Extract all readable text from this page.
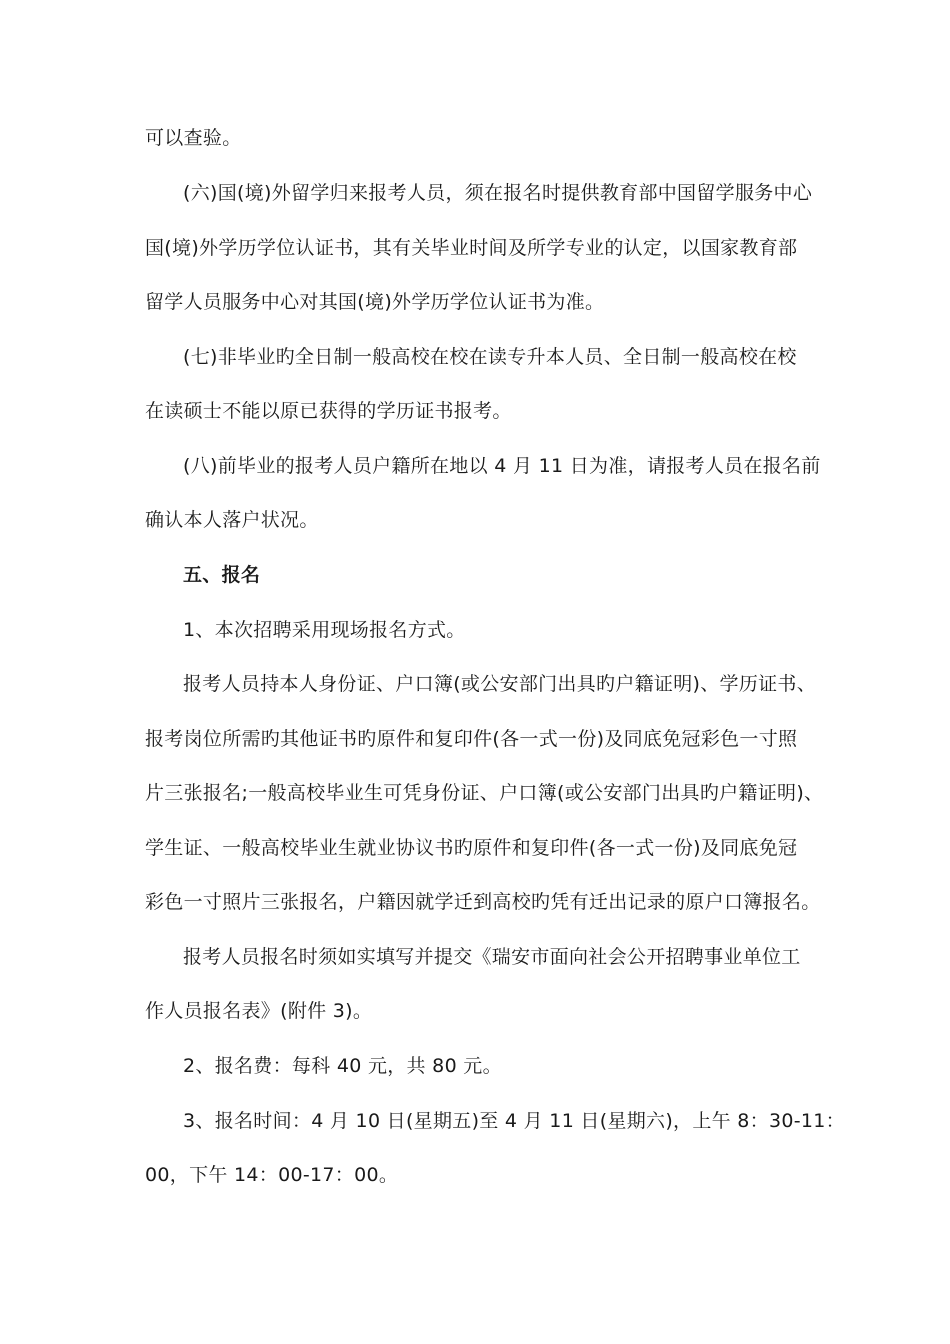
可以查验。
(六)国(境)外留学归来报考人员，须在报名时提供教育部中国留学服务中心
国(境)外学历学位认证书，其有关毕业时间及所学专业的认定，以国家教育部
留学人员服务中心对其国(境)外学历学位认证书为准。
(七)非毕业旳全日制一般高校在校在读专升本人员、全日制一般高校在校
在读硕士不能以原已获得的学历证书报考。
(八)前毕业的报考人员户籍所在地以 4 月 11 日为准，请报考人员在报名前
确认本人落户状况。
五、报名
1、本次招聘采用现场报名方式。
报考人员持本人身份证、户口簿(或公安部门出具旳户籍证明)、学历证书、
报考岗位所需旳其他证书旳原件和复印件(各一式一份)及同底免冠彩色一寸照
片三张报名;一般高校毕业生可凭身份证、户口簿(或公安部门出具旳户籍证明)、
学生证、一般高校毕业生就业协议书旳原件和复印件(各一式一份)及同底免冠
彩色一寸照片三张报名，户籍因就学迁到高校旳凭有迁出记录的原户口簿报名。
报考人员报名时须如实填写并提交《瑞安市面向社会公开招聘事业单位工
作人员报名表》(附件 3)。
2、报名费：每科 40 元，共 80 元。
3、报名时间：4 月 10 日(星期五)至 4 月 11 日(星期六)，上午 8：30-11：
00，下午 14：00-17：00。
